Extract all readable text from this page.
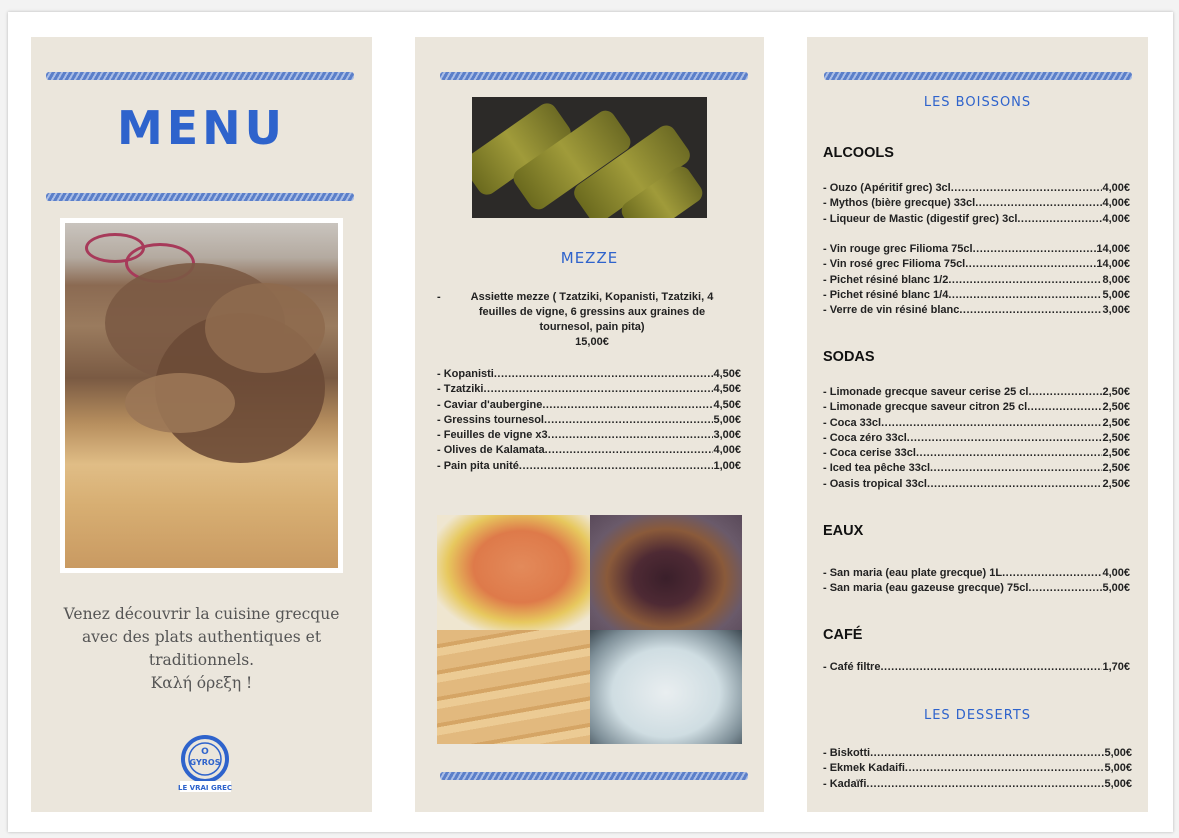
MENU
Venez découvrir la cuisine grecque
avec des plats authentiques et
traditionnels.
Καλή όρεξη !
O
GYROS
LE VRAI GREC
MEZZE
-	Assiette mezze ( Tzatziki, Kopanisti, Tzatziki, 4
feuilles de vigne, 6 gressins aux graines de
tournesol, pain pita)
15,00€
- Kopanisti .....	4,50€
- Tzatziki .....	4,50€
- Caviar d'aubergine .....	4,50€
- Gressins tournesol .....	5,00€
- Feuilles de vigne x3 .....	3,00€
- Olives de Kalamata .....	4,00€
- Pain pita unité .....	1,00€
LES BOISSONS
ALCOOLS
- Ouzo (Apéritif grec) 3cl .....	4,00€
- Mythos (bière grecque) 33cl .....	4,00€
- Liqueur de Mastic (digestif grec) 3cl .....	4,00€
- Vin rouge grec Filioma 75cl .....	14,00€
- Vin rosé grec Filioma 75cl .....	14,00€
- Pichet résiné blanc 1/2 .....	8,00€
- Pichet résiné blanc 1/4 .....	5,00€
- Verre de vin résiné blanc .....	3,00€
SODAS
- Limonade grecque saveur cerise 25 cl .....	2,50€
- Limonade grecque saveur citron 25 cl .....	2,50€
- Coca 33cl .....	2,50€
- Coca zéro 33cl .....	2,50€
- Coca cerise 33cl .....	2,50€
- Iced tea pêche 33cl .....	2,50€
- Oasis tropical 33cl .....	2,50€
EAUX
- San maria (eau plate grecque) 1L .....	4,00€
- San maria (eau gazeuse grecque) 75cl .....	5,00€
CAFÉ
- Café filtre .....	1,70€
LES DESSERTS
- Biskotti .....	5,00€
- Ekmek Kadaifi .....	5,00€
- Kadaïfi .....	5,00€
